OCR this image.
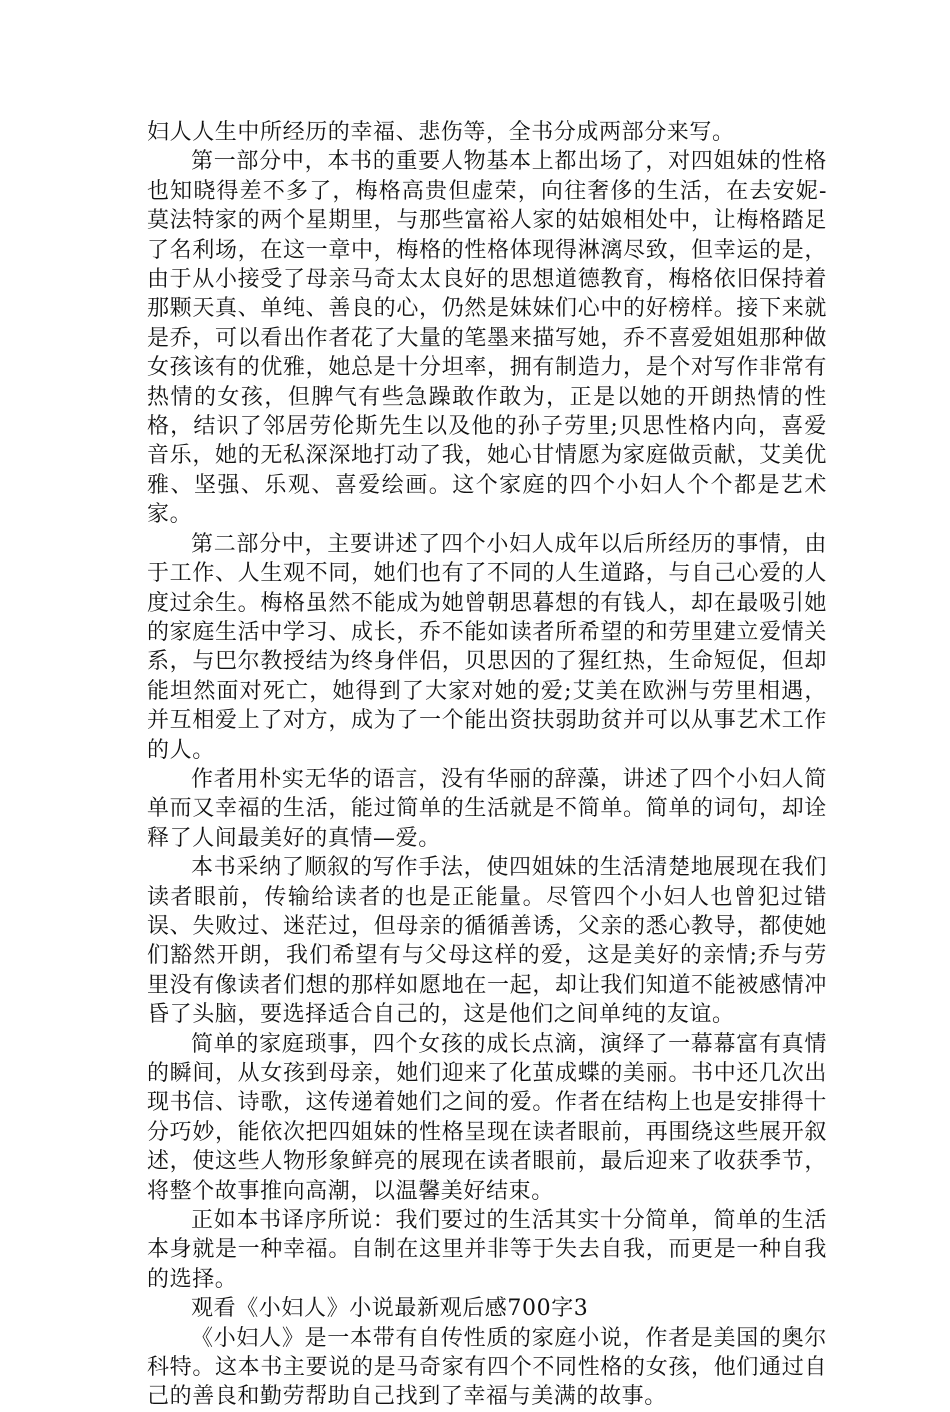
妇人人生中所经历的幸福、悲伤等，全书分成两部分来写。

第一部分中，本书的重要人物基本上都出场了，对四姐妹的性格也知晓得差不多了，梅格高贵但虚荣，向往奢侈的生活，在去安妮-莫法特家的两个星期里，与那些富裕人家的姑娘相处中，让梅格踏足了名利场，在这一章中，梅格的性格体现得淋漓尽致，但幸运的是，由于从小接受了母亲马奇太太良好的思想道德教育，梅格依旧保持着那颗天真、单纯、善良的心，仍然是妹妹们心中的好榜样。接下来就是乔，可以看出作者花了大量的笔墨来描写她，乔不喜爱姐姐那种做女孩该有的优雅，她总是十分坦率，拥有制造力，是个对写作非常有热情的女孩，但脾气有些急躁敢作敢为，正是以她的开朗热情的性格，结识了邻居劳伦斯先生以及他的孙子劳里;贝思性格内向，喜爱音乐，她的无私深深地打动了我，她心甘情愿为家庭做贡献，艾美优雅、坚强、乐观、喜爱绘画。这个家庭的四个小妇人个个都是艺术家。

第二部分中，主要讲述了四个小妇人成年以后所经历的事情，由于工作、人生观不同，她们也有了不同的人生道路，与自己心爱的人度过余生。梅格虽然不能成为她曾朝思暮想的有钱人，却在最吸引她的家庭生活中学习、成长，乔不能如读者所希望的和劳里建立爱情关系，与巴尔教授结为终身伴侣，贝思因的了猩红热，生命短促，但却能坦然面对死亡，她得到了大家对她的爱;艾美在欧洲与劳里相遇，并互相爱上了对方，成为了一个能出资扶弱助贫并可以从事艺术工作的人。

作者用朴实无华的语言，没有华丽的辞藻，讲述了四个小妇人简单而又幸福的生活，能过简单的生活就是不简单。简单的词句，却诠释了人间最美好的真情—爱。

本书采纳了顺叙的写作手法，使四姐妹的生活清楚地展现在我们读者眼前，传输给读者的也是正能量。尽管四个小妇人也曾犯过错误、失败过、迷茫过，但母亲的循循善诱，父亲的悉心教导，都使她们豁然开朗，我们希望有与父母这样的爱，这是美好的亲情;乔与劳里没有像读者们想的那样如愿地在一起，却让我们知道不能被感情冲昏了头脑，要选择适合自己的，这是他们之间单纯的友谊。

简单的家庭琐事，四个女孩的成长点滴，演绎了一幕幕富有真情的瞬间，从女孩到母亲，她们迎来了化茧成蝶的美丽。书中还几次出现书信、诗歌，这传递着她们之间的爱。作者在结构上也是安排得十分巧妙，能依次把四姐妹的性格呈现在读者眼前，再围绕这些展开叙述，使这些人物形象鲜亮的展现在读者眼前，最后迎来了收获季节，将整个故事推向高潮，以温馨美好结束。

正如本书译序所说：我们要过的生活其实十分简单，简单的生活本身就是一种幸福。自制在这里并非等于失去自我，而更是一种自我的选择。

观看《小妇人》小说最新观后感700字3

《小妇人》是一本带有自传性质的家庭小说，作者是美国的奥尔科特。这本书主要说的是马奇家有四个不同性格的女孩，他们通过自己的善良和勤劳帮助自己找到了幸福与美满的故事。
